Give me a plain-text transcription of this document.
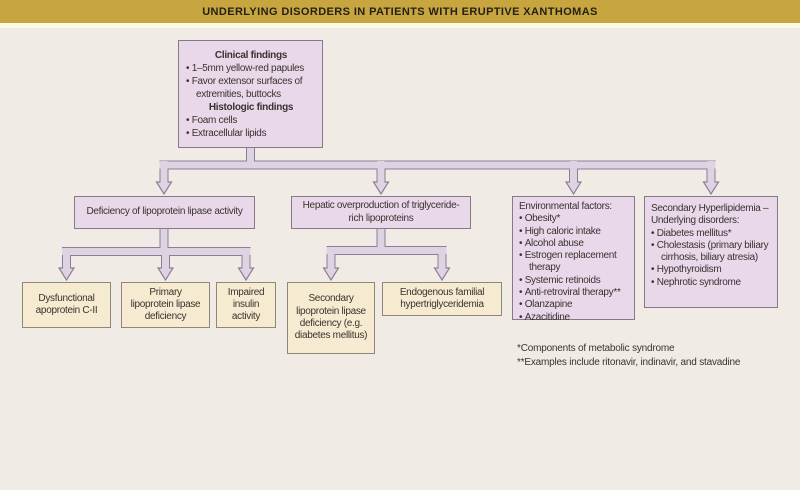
UNDERLYING DISORDERS IN PATIENTS WITH ERUPTIVE XANTHOMAS
Clinical findings
• 1–5mm yellow-red papules
• Favor extensor surfaces of extremities, buttocks
Histologic findings
• Foam cells
• Extracellular lipids
Deficiency of lipoprotein lipase activity
Hepatic overproduction of triglyceride-rich lipoproteins
Environmental factors:
• Obesity*
• High caloric intake
• Alcohol abuse
• Estrogen replacement therapy
• Systemic retinoids
• Anti-retroviral therapy**
• Olanzapine
• Azacitidine
Secondary Hyperlipidemia – Underlying disorders:
• Diabetes mellitus*
• Cholestasis (primary biliary cirrhosis, biliary atresia)
• Hypothyroidism
• Nephrotic syndrome
Dysfunctional apoprotein C-II
Primary lipoprotein lipase deficiency
Impaired insulin activity
Secondary lipoprotein lipase deficiency (e.g. diabetes mellitus)
Endogenous familial hypertriglyceridemia
*Components of metabolic syndrome
**Examples include ritonavir, indinavir, and stavadine
